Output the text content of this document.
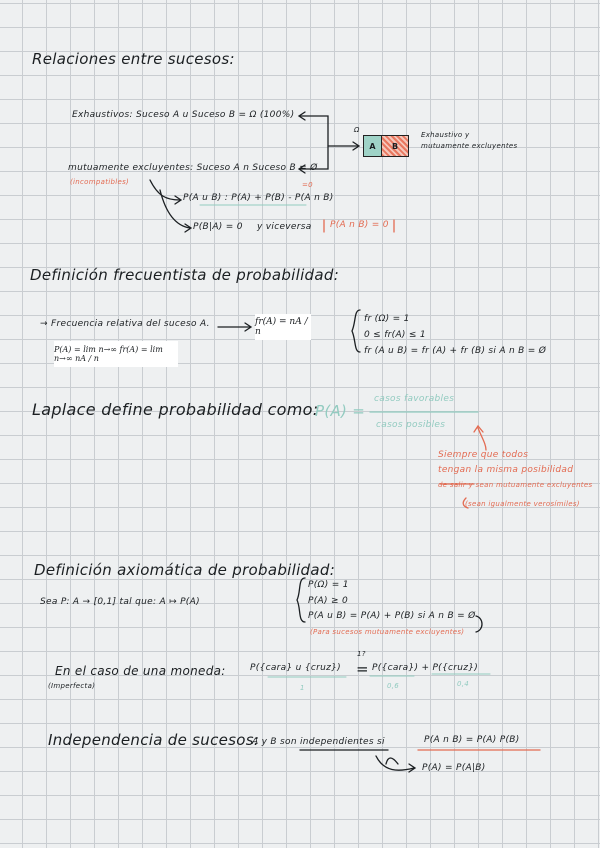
Relaciones entre sucesos:
Exhaustivos: Suceso A u Suceso B = Ω (100%)
mutuamente excluyentes: Suceso A n Suceso B = Ø
(incompatibles)
P(A u B) : P(A) + P(B) - P(A n B)
=0
P(B|A) = 0 y viceversa P(A n B) = 0
Ω
A B
Exhaustivo y
mutuamente excluyentes
Definición frecuentista de probabilidad:
→ Frecuencia relativa del suceso A.	fr(A) = nA / n
P(A) = lim n→∞ fr(A) = lim n→∞ nA / n
fr (Ω) = 1
0 ≤ fr(A) ≤ 1
fr (A u B) = fr (A) + fr (B) si A n B = Ø
Laplace define probabilidad como:
P(A) =
casos favorables
casos posibles
Siempre que todos
tengan la misma posibilidad
de salir y sean mutuamente excluyentes
(sean igualmente verosímiles)
Definición axiomática de probabilidad:
Sea P: A → [0,1] tal que: A ↦ P(A)
P(Ω) = 1
P(A) ≥ 0
P(A u B) = P(A) + P(B) si A n B = Ø
(Para sucesos mutuamente excluyentes)
En el caso de una moneda:
(Imperfecta)
P({cara} u {cruz}) =
1?
P({cara}) + P({cruz})
1	0,6	0,4
Independencia de sucesos:
A y B son independientes si	P(A n B) = P(A) P(B)
P(A) = P(A|B)
